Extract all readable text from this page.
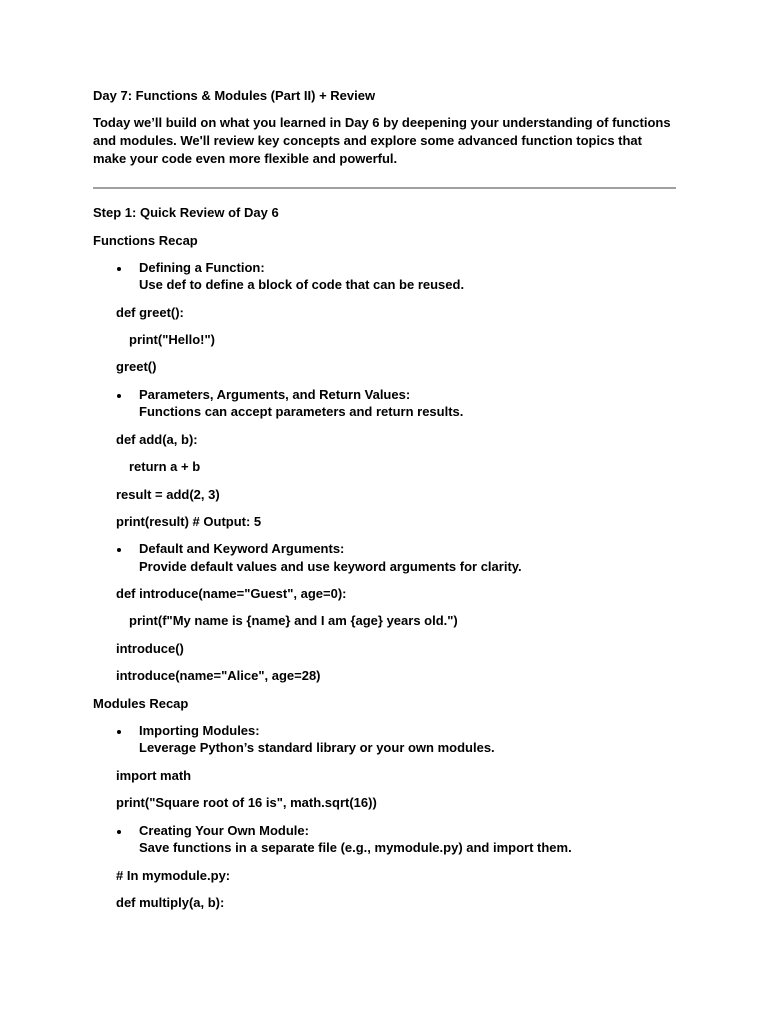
Day 7: Functions & Modules (Part II) + Review
Today we’ll build on what you learned in Day 6 by deepening your understanding of functions and modules. We'll review key concepts and explore some advanced function topics that make your code even more flexible and powerful.
Step 1: Quick Review of Day 6
Functions Recap
Defining a Function:
Use def to define a block of code that can be reused.
def greet():
print("Hello!")
greet()
Parameters, Arguments, and Return Values:
Functions can accept parameters and return results.
def add(a, b):
return a + b
result = add(2, 3)
print(result) # Output: 5
Default and Keyword Arguments:
Provide default values and use keyword arguments for clarity.
def introduce(name="Guest", age=0):
print(f"My name is {name} and I am {age} years old.")
introduce()
introduce(name="Alice", age=28)
Modules Recap
Importing Modules:
Leverage Python’s standard library or your own modules.
import math
print("Square root of 16 is", math.sqrt(16))
Creating Your Own Module:
Save functions in a separate file (e.g., mymodule.py) and import them.
# In mymodule.py:
def multiply(a, b):
